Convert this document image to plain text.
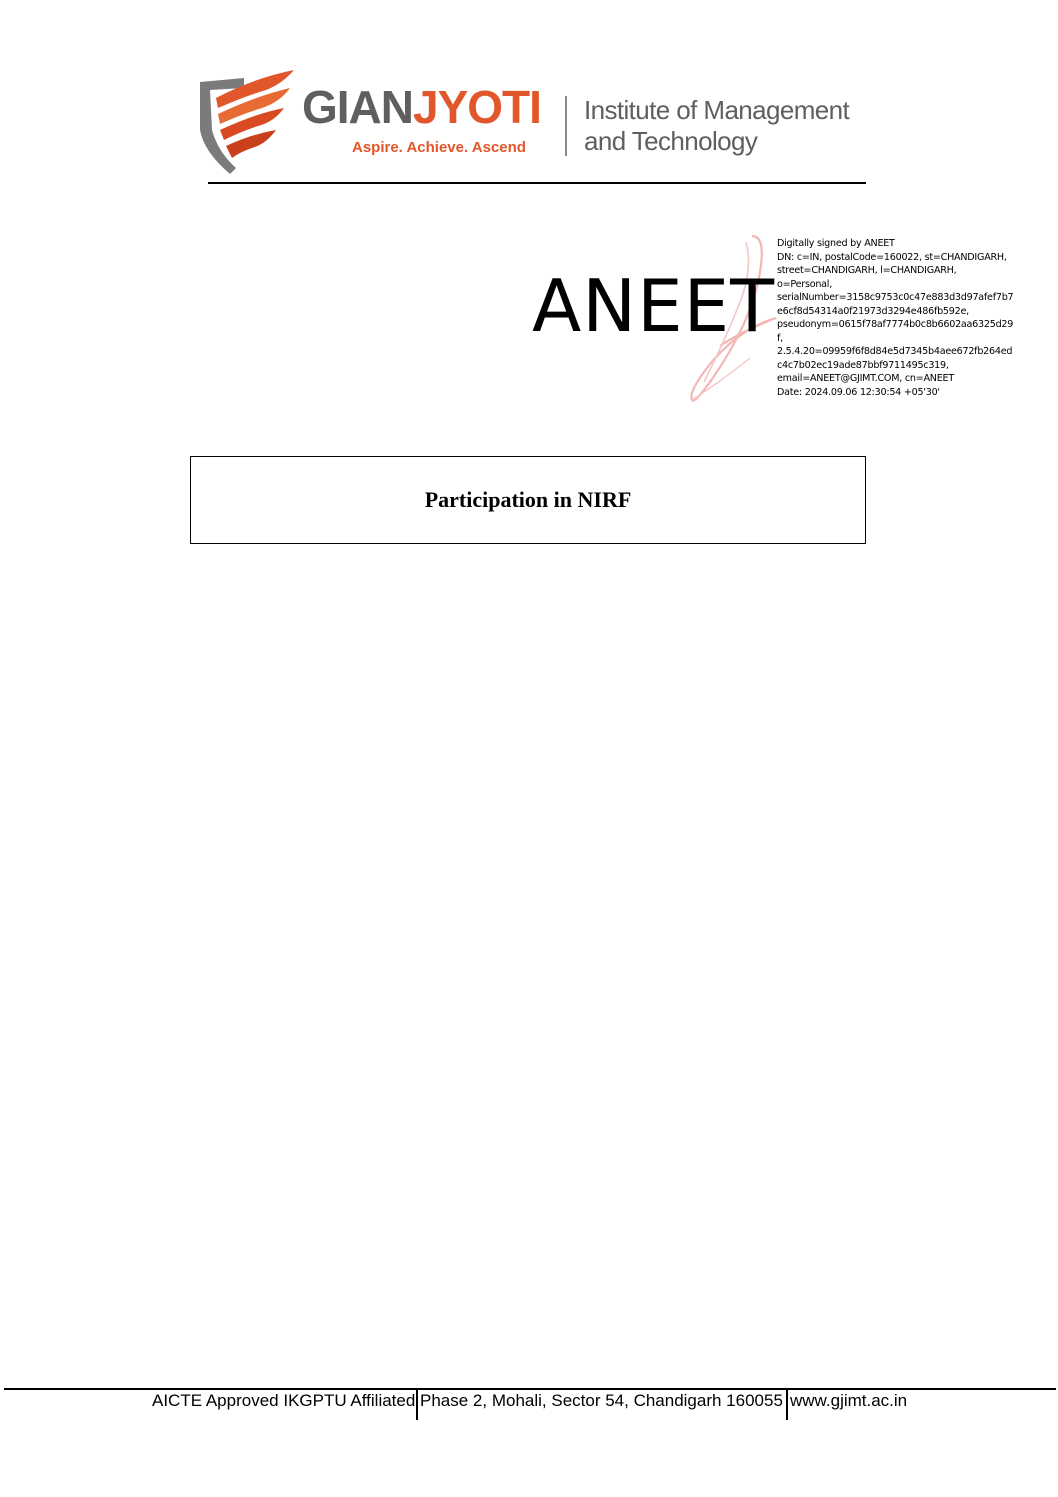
GIANJYOTI
Aspire. Achieve. Ascend
Institute of Management
and Technology
ANEET
Digitally signed by ANEET
DN: c=IN, postalCode=160022, st=CHANDIGARH,
street=CHANDIGARH, l=CHANDIGARH,
o=Personal,
serialNumber=3158c9753c0c47e883d3d97afef7b7
e6cf8d54314a0f21973d3294e486fb592e,
pseudonym=0615f78af7774b0c8b6602aa6325d29
f,
2.5.4.20=09959f6f8d84e5d7345b4aee672fb264ed
c4c7b02ec19ade87bbf9711495c319,
email=ANEET@GJIMT.COM, cn=ANEET
Date: 2024.09.06 12:30:54 +05'30'
Participation in NIRF
AICTE Approved IKGPTU Affiliated Phase 2, Mohali, Sector 54, Chandigarh 160055 www.gjimt.ac.in
